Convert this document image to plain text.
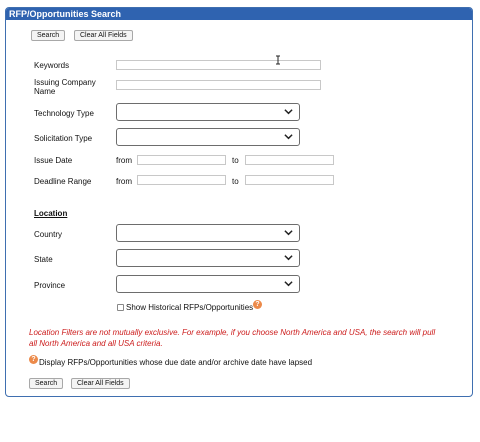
RFP/Opportunities Search
Search	Clear All Fields
Keywords
Issuing Company
Name
Technology Type
Solicitation Type
Issue Date	from	to
Deadline Range	from	to
Location
Country
State
Province
Show Historical RFPs/Opportunities ?
Location Filters are not mutually exclusive. For example, if you choose North America and USA, the search will pull
all North America and all USA criteria.
? Display RFPs/Opportunities whose due date and/or archive date have lapsed
Search	Clear All Fields
